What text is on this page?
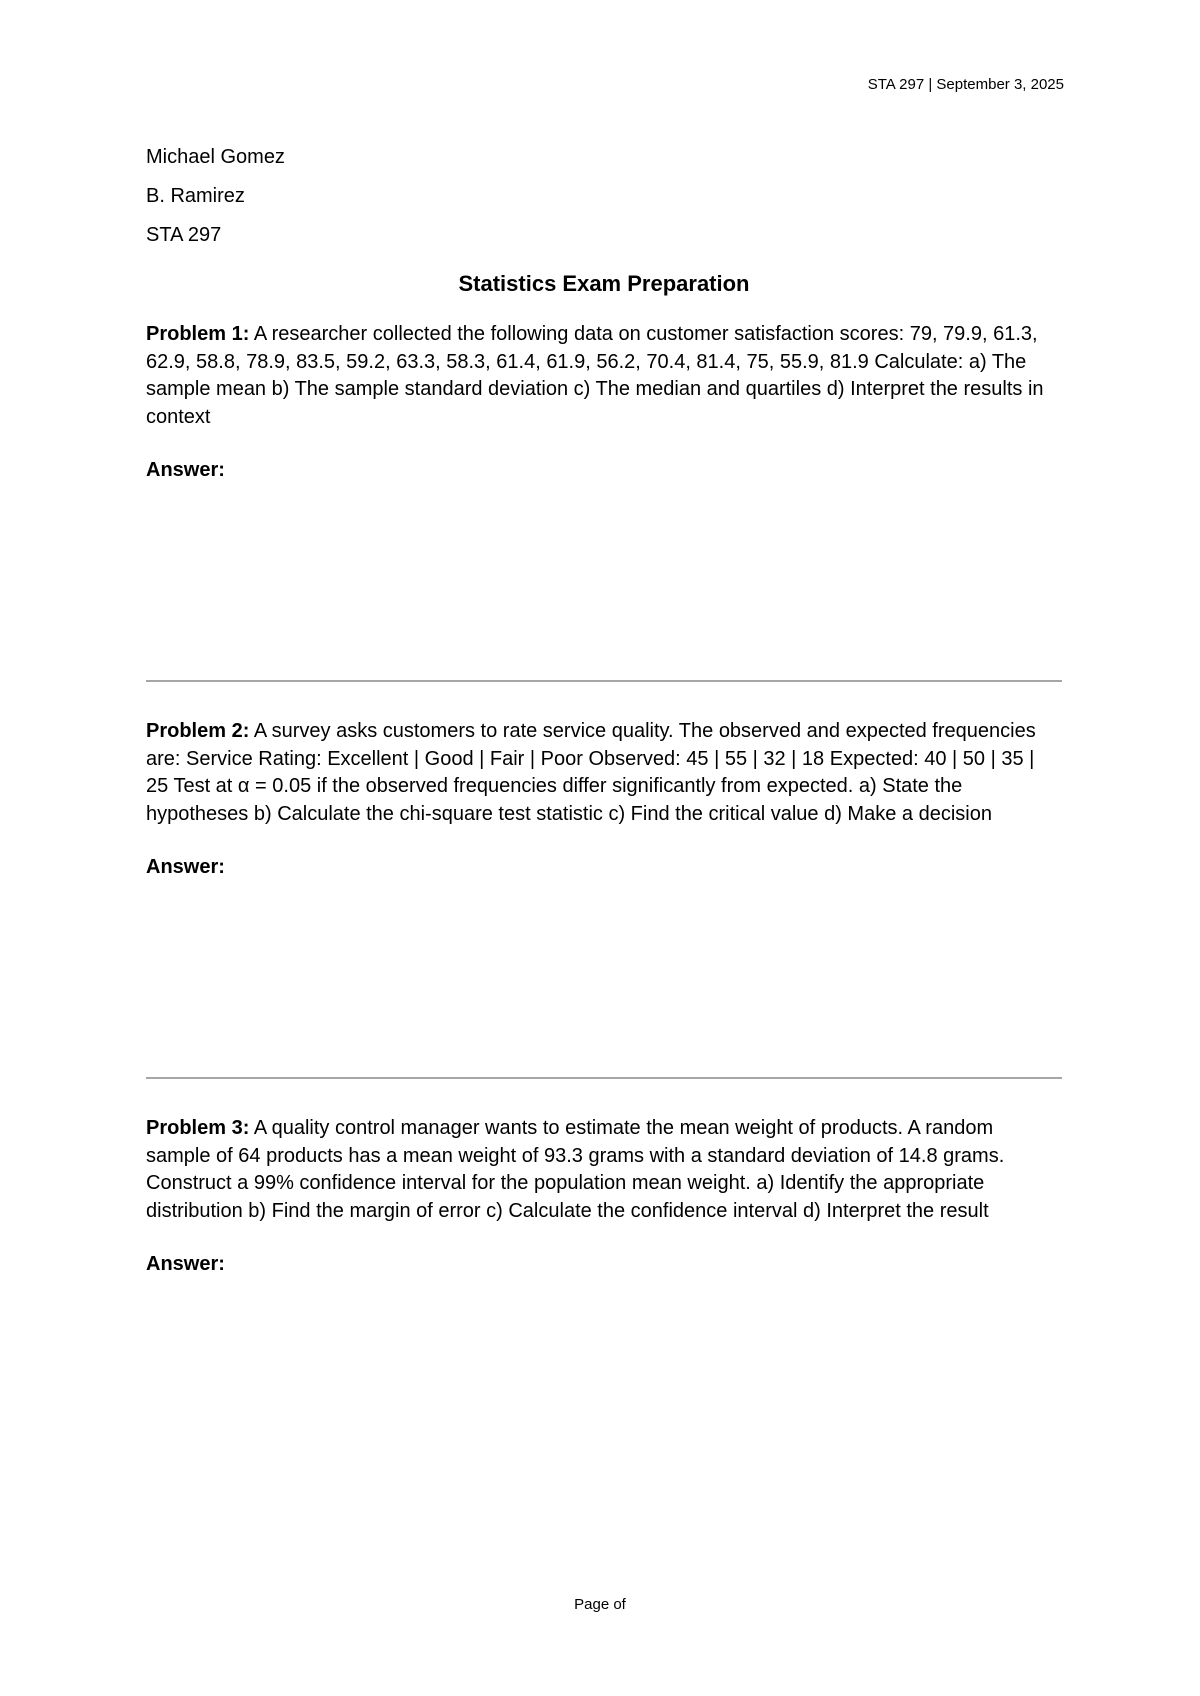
STA 297 | September 3, 2025

Michael Gomez

B. Ramirez

STA 297

Statistics Exam Preparation

Problem 1: A researcher collected the following data on customer satisfaction scores: 79, 79.9, 61.3, 62.9, 58.8, 78.9, 83.5, 59.2, 63.3, 58.3, 61.4, 61.9, 56.2, 70.4, 81.4, 75, 55.9, 81.9 Calculate: a) The sample mean b) The sample standard deviation c) The median and quartiles d) Interpret the results in context

Answer:

Problem 2: A survey asks customers to rate service quality. The observed and expected frequencies are: Service Rating: Excellent | Good | Fair | Poor Observed: 45 | 55 | 32 | 18 Expected: 40 | 50 | 35 | 25 Test at α = 0.05 if the observed frequencies differ significantly from expected. a) State the hypotheses b) Calculate the chi-square test statistic c) Find the critical value d) Make a decision

Answer:

Problem 3: A quality control manager wants to estimate the mean weight of products. A random sample of 64 products has a mean weight of 93.3 grams with a standard deviation of 14.8 grams. Construct a 99% confidence interval for the population mean weight. a) Identify the appropriate distribution b) Find the margin of error c) Calculate the confidence interval d) Interpret the result

Answer:
Page of
